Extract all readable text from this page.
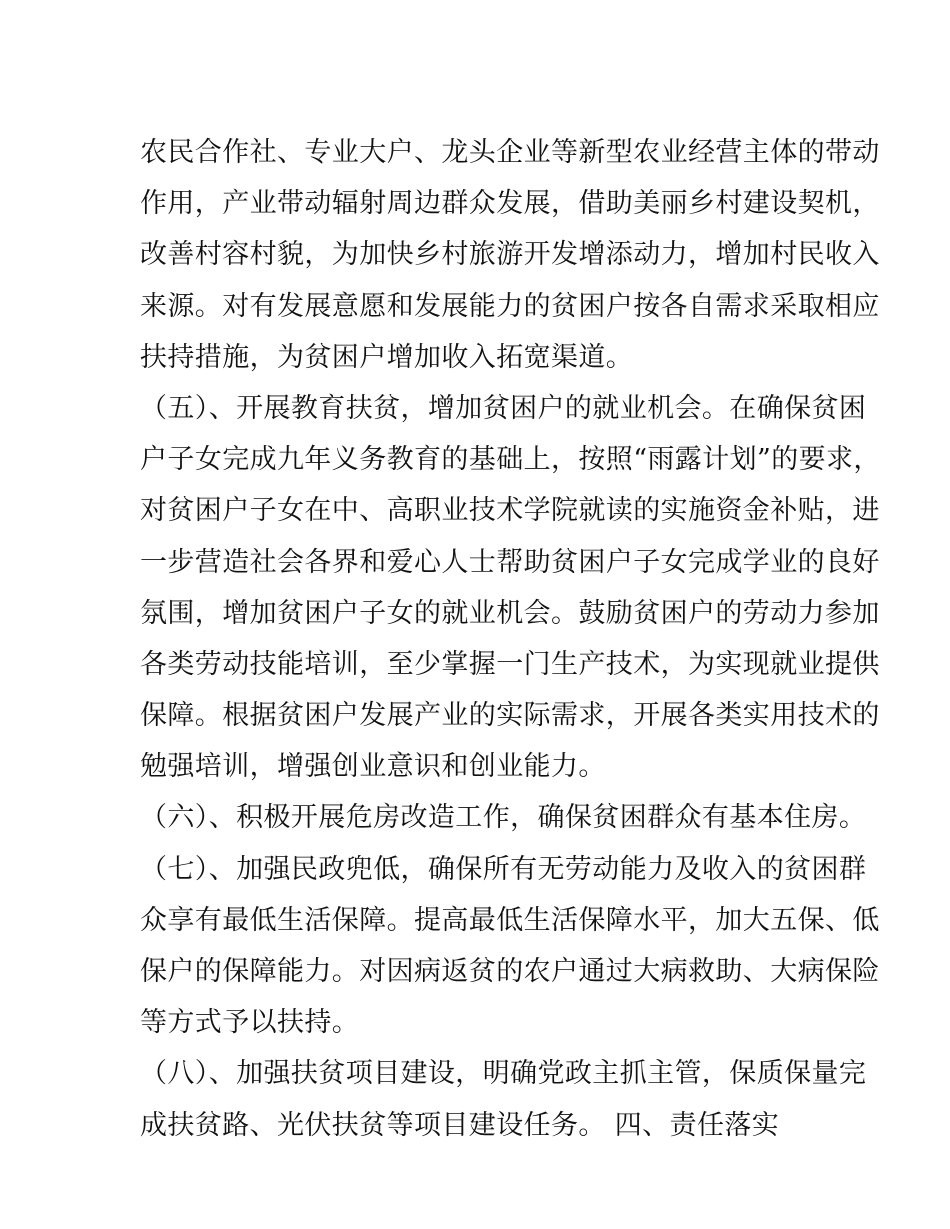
农民合作社、专业大户、龙头企业等新型农业经营主体的带动
作用，产业带动辐射周边群众发展，借助美丽乡村建设契机，
改善村容村貌，为加快乡村旅游开发增添动力，增加村民收入
来源。对有发展意愿和发展能力的贫困户按各自需求采取相应
扶持措施，为贫困户增加收入拓宽渠道。
（五）、开展教育扶贫，增加贫困户的就业机会。在确保贫困
户子女完成九年义务教育的基础上，按照“雨露计划”的要求，
对贫困户子女在中、高职业技术学院就读的实施资金补贴，进
一步营造社会各界和爱心人士帮助贫困户子女完成学业的良好
氛围，增加贫困户子女的就业机会。鼓励贫困户的劳动力参加
各类劳动技能培训，至少掌握一门生产技术，为实现就业提供
保障。根据贫困户发展产业的实际需求，开展各类实用技术的
勉强培训，增强创业意识和创业能力。
（六）、积极开展危房改造工作，确保贫困群众有基本住房。
（七）、加强民政兜低，确保所有无劳动能力及收入的贫困群
众享有最低生活保障。提高最低生活保障水平，加大五保、低
保户的保障能力。对因病返贫的农户通过大病救助、大病保险
等方式予以扶持。
（八）、加强扶贫项目建设，明确党政主抓主管，保质保量完
成扶贫路、光伏扶贫等项目建设任务。 四、责任落实
